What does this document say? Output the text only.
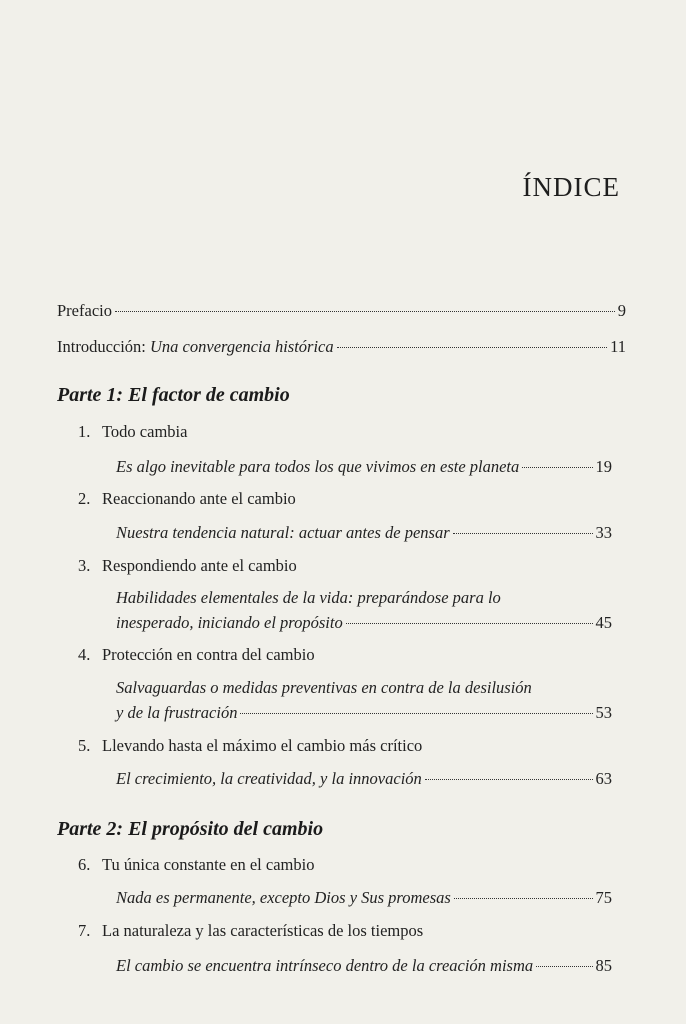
ÍNDICE
Prefacio	9
Introducción: Una convergencia histórica	11
Parte 1: El factor de cambio
1. Todo cambia
Es algo inevitable para todos los que vivimos en este planeta	19
2. Reaccionando ante el cambio
Nuestra tendencia natural: actuar antes de pensar	33
3. Respondiendo ante el cambio
Habilidades elementales de la vida: preparándose para lo
inesperado, iniciando el propósito	45
4. Protección en contra del cambio
Salvaguardas o medidas preventivas en contra de la desilusión
y de la frustración	53
5. Llevando hasta el máximo el cambio más crítico
El crecimiento, la creatividad, y la innovación	63
Parte 2: El propósito del cambio
6. Tu única constante en el cambio
Nada es permanente, excepto Dios y Sus promesas	75
7. La naturaleza y las características de los tiempos
El cambio se encuentra intrínseco dentro de la creación misma	85
